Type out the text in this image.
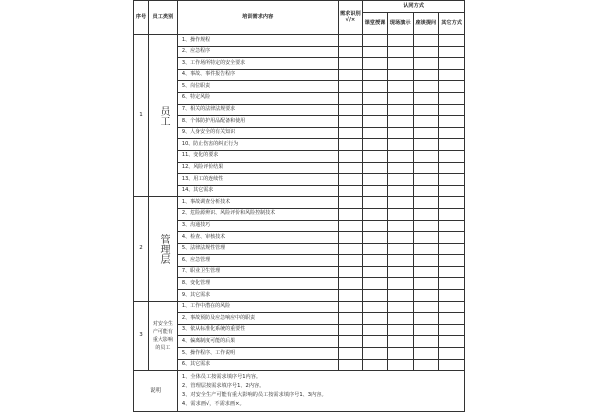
序号	员工类别	培训需求内容	需求识别√/×	认同方式			
				课堂授课	现场演示	座谈提问	其它方式
1	员工	1、操作规程					
		2、应急程序					
		3、工作场所特定的安全要求					
		4、事故、事件报告程序					
		5、岗位职责					
		6、特定风险					
		7、相关的法律法规要求					
		8、个体防护用品配备和使用					
		9、人身安全的有关知识					
		10、防止伤害的纠正行为					
		11、变化的要求					
		12、风险评价结果					
		13、用工的连续性					
		14、其它需求					
2	管理层	1、事故调查分析技术					
		2、危险源辨识、风险评价和风险控制技术					
		3、沟通技巧					
		4、检查、审核技术					
		5、法律法规性管理					
		6、应急管理					
		7、职业卫生管理					
		8、变化管理					
		9、其它需求					
3	对安全生产可能有重大影响的员工	1、工作中潜在的风险					
		2、事故预防及应急响应中的职责					
		3、依从标准化系统的重要性					
		4、偏离制度可能的后果					
		5、操作程序、工作说明					
		6、其它需求					
说明		1、全体员工按需求填序号1内容。
2、管理层按需求填序号1、2内容。
3、对安全生产可能有重大影响的员工按需求填序号1、3内容。
4、需求画√，不需求画×。					
